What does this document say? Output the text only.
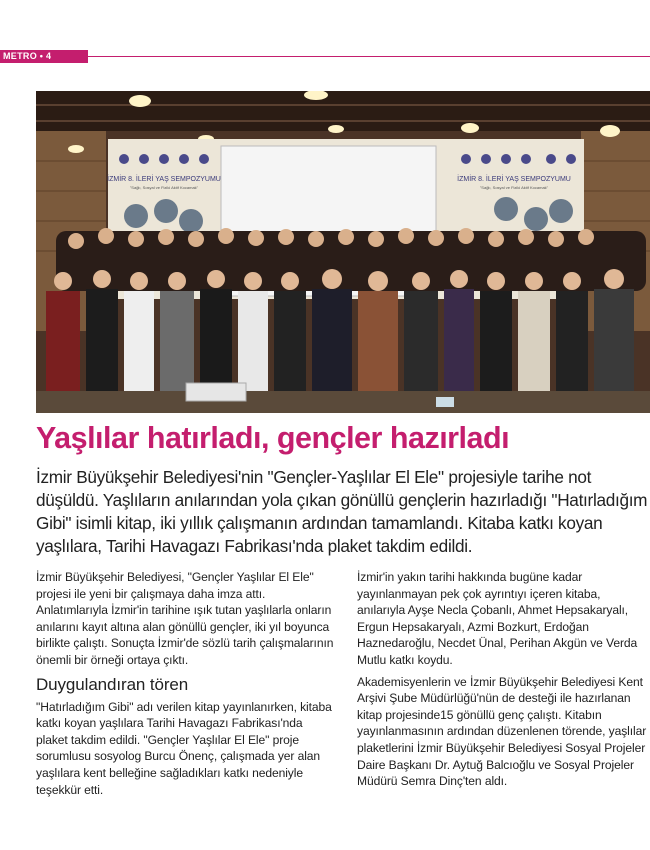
METRO • 4
İZMİR 8. İLERİ YAŞ SEMPOZYUMU	İZMİR 8. İLERİ YAŞ SEMPOZYUMU
"Sağlı, Sosyal ve Fiziki Aktif Kocamak"	"Sağlı, Sosyal ve Fiziki Aktif Kocamak"
Yaşlılar hatırladı, gençler hazırladı

İzmir Büyükşehir Belediyesi'nin "Gençler-Yaşlılar El Ele" projesiyle tarihe not düşüldü. Yaşlıların anılarından yola çıkan gönüllü gençlerin hazırladığı "Hatırladığım Gibi" isimli kitap, iki yıllık çalışmanın ardından tamamlandı. Kitaba katkı koyan yaşlılara, Tarihi Havagazı Fabrikası'nda plaket takdim edildi.

İzmir Büyükşehir Belediyesi, "Gençler Yaşlılar El Ele" projesi ile yeni bir çalışmaya daha imza attı. Anlatımlarıyla İzmir'in tarihine ışık tutan yaşlılarla onların anılarını kayıt altına alan gönüllü gençler, iki yıl boyunca birlikte çalıştı. Sonuçta İzmir'de sözlü tarih çalışmalarının önemli bir örneği ortaya çıktı.

Duygulandıran tören

"Hatırladığım Gibi" adı verilen kitap yayınlanırken, kitaba katkı koyan yaşlılara Tarihi Havagazı Fabrikası'nda plaket takdim edildi. "Gençler Yaşlılar El Ele" proje sorumlusu sosyolog Burcu Önenç, çalışmada yer alan yaşlılara kent belleğine sağladıkları katkı nedeniyle teşekkür etti.

İzmir'in yakın tarihi hakkında bugüne kadar yayınlanmayan pek çok ayrıntıyı içeren kitaba, anılarıyla Ayşe Necla Çobanlı, Ahmet Hepsakaryalı, Ergun Hepsakaryalı, Azmi Bozkurt, Erdoğan Haznedaroğlu, Necdet Ünal, Perihan Akgün ve Verda Mutlu katkı koydu.

Akademisyenlerin ve İzmir Büyükşehir Belediyesi Kent Arşivi Şube Müdürlüğü'nün de desteği ile hazırlanan kitap projesinde15 gönüllü genç çalıştı. Kitabın yayınlanmasının ardından düzenlenen törende, yaşlılar plaketlerini İzmir Büyükşehir Belediyesi Sosyal Projeler Daire Başkanı Dr. Aytuğ Balcıoğlu ve Sosyal Projeler Müdürü Semra Dinç'ten aldı.
